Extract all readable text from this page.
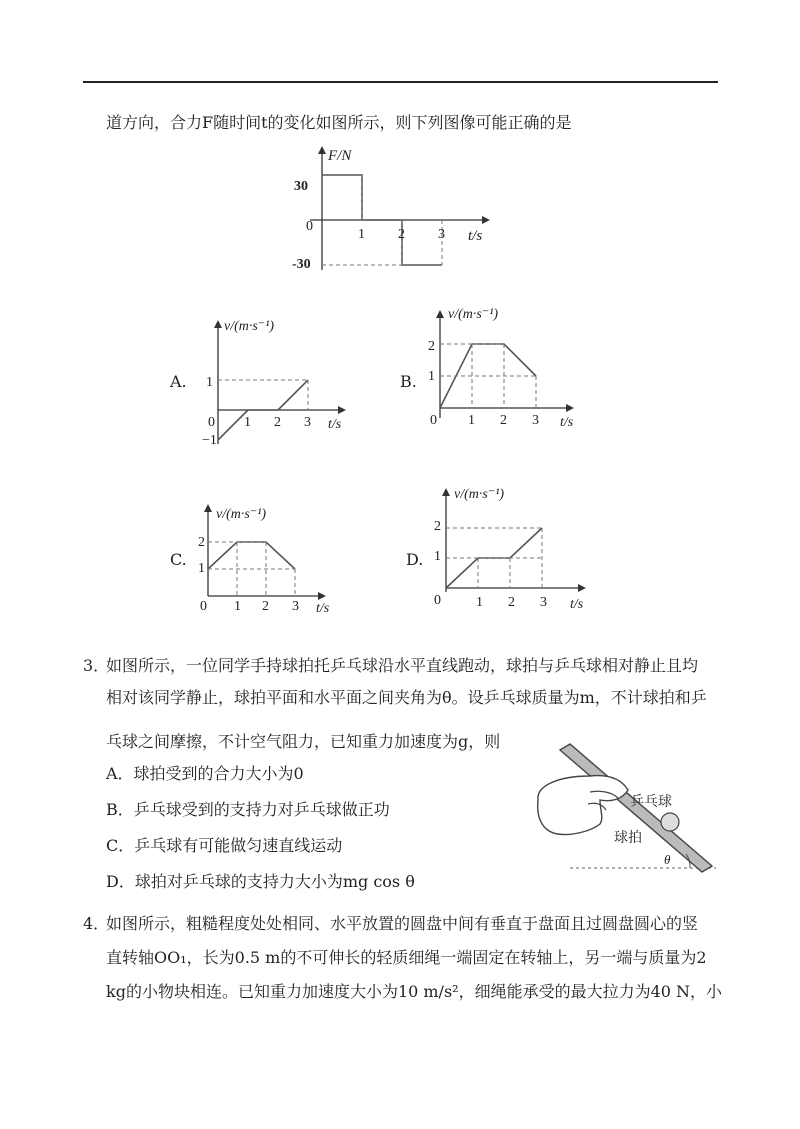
道方向，合力F随时间t的变化如图所示，则下列图像可能正确的是
F/N
30
0
-30
1 2 3 t/s
A.
v/(m·s⁻¹)
1
0
−1
1 2 3 t/s
B.
v/(m·s⁻¹)
2
1
0 1 2 3 t/s
C.
v/(m·s⁻¹)
2
1
0 1 2 3 t/s
D.
v/(m·s⁻¹)
2
1
0	1 2 3 t/s
3．
如图所示，一位同学手持球拍托乒乓球沿水平直线跑动，球拍与乒乓球相对静止且均
相对该同学静止，球拍平面和水平面之间夹角为θ。设乒乓球质量为m，不计球拍和乒
乓球之间摩擦，不计空气阻力，已知重力加速度为g，则
A．球拍受到的合力大小为0
B．乒乓球受到的支持力对乒乓球做正功
C．乒乓球有可能做匀速直线运动
D．球拍对乒乓球的支持力大小为mg cos θ
乒乓球
球拍
θ
4．
如图所示，粗糙程度处处相同、水平放置的圆盘中间有垂直于盘面且过圆盘圆心的竖
直转轴OO₁，长为0.5 m的不可伸长的轻质细绳一端固定在转轴上，另一端与质量为2
kg的小物块相连。已知重力加速度大小为10 m/s²，细绳能承受的最大拉力为40 N，小
